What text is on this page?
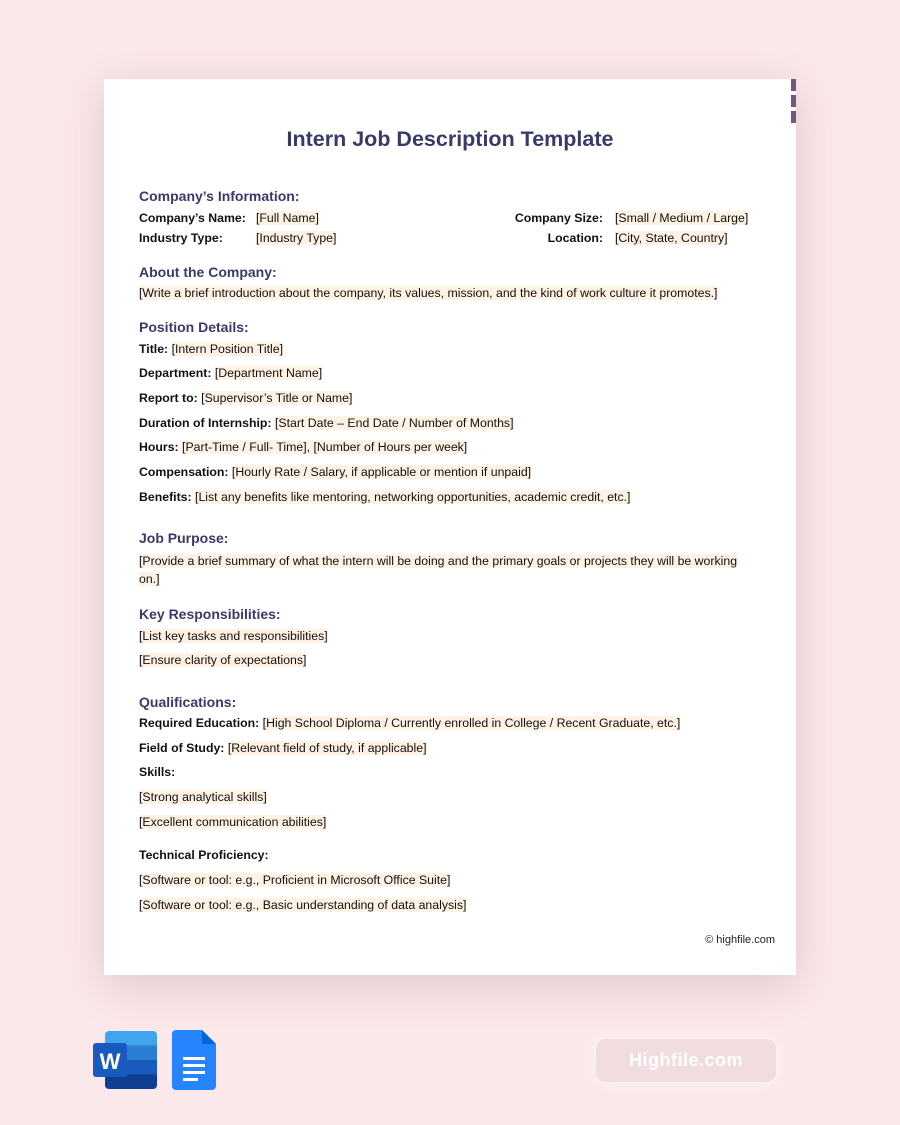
Intern Job Description Template
Company’s Information:
Company’s Name: [Full Name]
Industry Type:	[Industry Type]
Company Size: [Small / Medium / Large]
Location: [City, State, Country]
About the Company:
[Write a brief introduction about the company, its values, mission, and the kind of work culture it promotes.]
Position Details:
Title: [Intern Position Title]
Department: [Department Name]
Report to: [Supervisor’s Title or Name]
Duration of Internship: [Start Date – End Date / Number of Months]
Hours: [Part-Time / Full- Time], [Number of Hours per week]
Compensation: [Hourly Rate / Salary, if applicable or mention if unpaid]
Benefits: [List any benefits like mentoring, networking opportunities, academic credit, etc.]
Job Purpose:

[Provide a brief summary of what the intern will be doing and the primary goals or projects they will be working on.]

Key Responsibilities:
[List key tasks and responsibilities]
[Ensure clarity of expectations]
Qualifications:
Required Education: [High School Diploma / Currently enrolled in College / Recent Graduate, etc.]
Field of Study: [Relevant field of study, if applicable]
Skills:
[Strong analytical skills]
[Excellent communication abilities]
Technical Proficiency:
[Software or tool: e.g., Proficient in Microsoft Office Suite]
[Software or tool: e.g., Basic understanding of data analysis]
© highfile.com
W	Highfile.com
